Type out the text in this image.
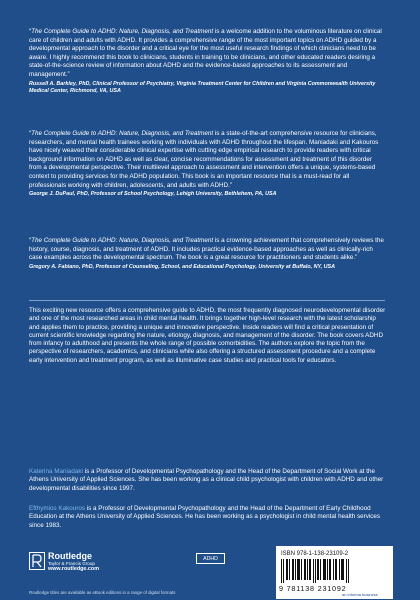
“The Complete Guide to ADHD: Nature, Diagnosis, and Treatment is a welcome addition to the voluminous literature on clinical care of children and adults with ADHD. It provides a comprehensive range of the most important topics on ADHD guided by a developmental approach to the disorder and a critical eye for the most useful research findings of which clinicians need to be aware. I highly recommend this book to clinicians, students in training to be clinicians, and other educated readers desiring a state-of-the-science review of information about ADHD and the evidence-based approaches to its assessment and management.”
Russell A. Barkley, PhD, Clinical Professor of Psychiatry, Virginia Treatment Center for Children and Virginia Commonwealth University Medical Center, Richmond, VA, USA
“The Complete Guide to ADHD: Nature, Diagnosis, and Treatment is a state-of-the-art comprehensive resource for clinicians, researchers, and mental health trainees working with individuals with ADHD throughout the lifespan. Maniadaki and Kakouros have nicely weaved their considerable clinical expertise with cutting edge empirical research to provide readers with critical background information on ADHD as well as clear, concise recommendations for assessment and treatment of this disorder from a developmental perspective. Their multilevel approach to assessment and intervention offers a unique, systems-based context to providing services for the ADHD population. This book is an important resource that is a must-read for all professionals working with children, adolescents, and adults with ADHD.”
George J. DuPaul, PhD, Professor of School Psychology, Lehigh University, Bethlehem, PA, USA
“The Complete Guide to ADHD: Nature, Diagnosis, and Treatment is a crowning achievement that comprehensively reviews the history, course, diagnosis, and treatment of ADHD. It includes practical evidence-based approaches as well as clinically-rich case examples across the developmental spectrum. The book is a great resource for practitioners and students alike.”
Gregory A. Fabiano, PhD, Professor of Counseling, School, and Educational Psychology, University at Buffalo, NY, USA
This exciting new resource offers a comprehensive guide to ADHD, the most frequently diagnosed neurodevelopmental disorder and one of the most researched areas in child mental health. It brings together high-level research with the latest scholarship and applies them to practice, providing a unique and innovative perspective. Inside readers will find a critical presentation of current scientific knowledge regarding the nature, etiology, diagnosis, and management of the disorder. The book covers ADHD from infancy to adulthood and presents the whole range of possible comorbidities. The authors explore the topic from the perspective of researchers, academics, and clinicians while also offering a structured assessment procedure and a complete early intervention and treatment program, as well as illuminative case studies and practical tools for educators.
Katerina Maniadaki is a Professor of Developmental Psychopathology and the Head of the Department of Social Work at the Athens University of Applied Sciences. She has been working as a clinical child psychologist with children with ADHD and other developmental disabilities since 1997.
Efthymios Kakouros is a Professor of Developmental Psychopathology and the Head of the Department of Early Childhood Education at the Athens University of Applied Sciences. He has been working as a psychologist in child mental health services since 1983.
Routledge
Taylor & Francis Group
www.routledge.com
ADHD
ISBN 978-1-138-23109-2
9 781138 231092
an informa business
Routledge titles are available as eBook editions in a range of digital formats
